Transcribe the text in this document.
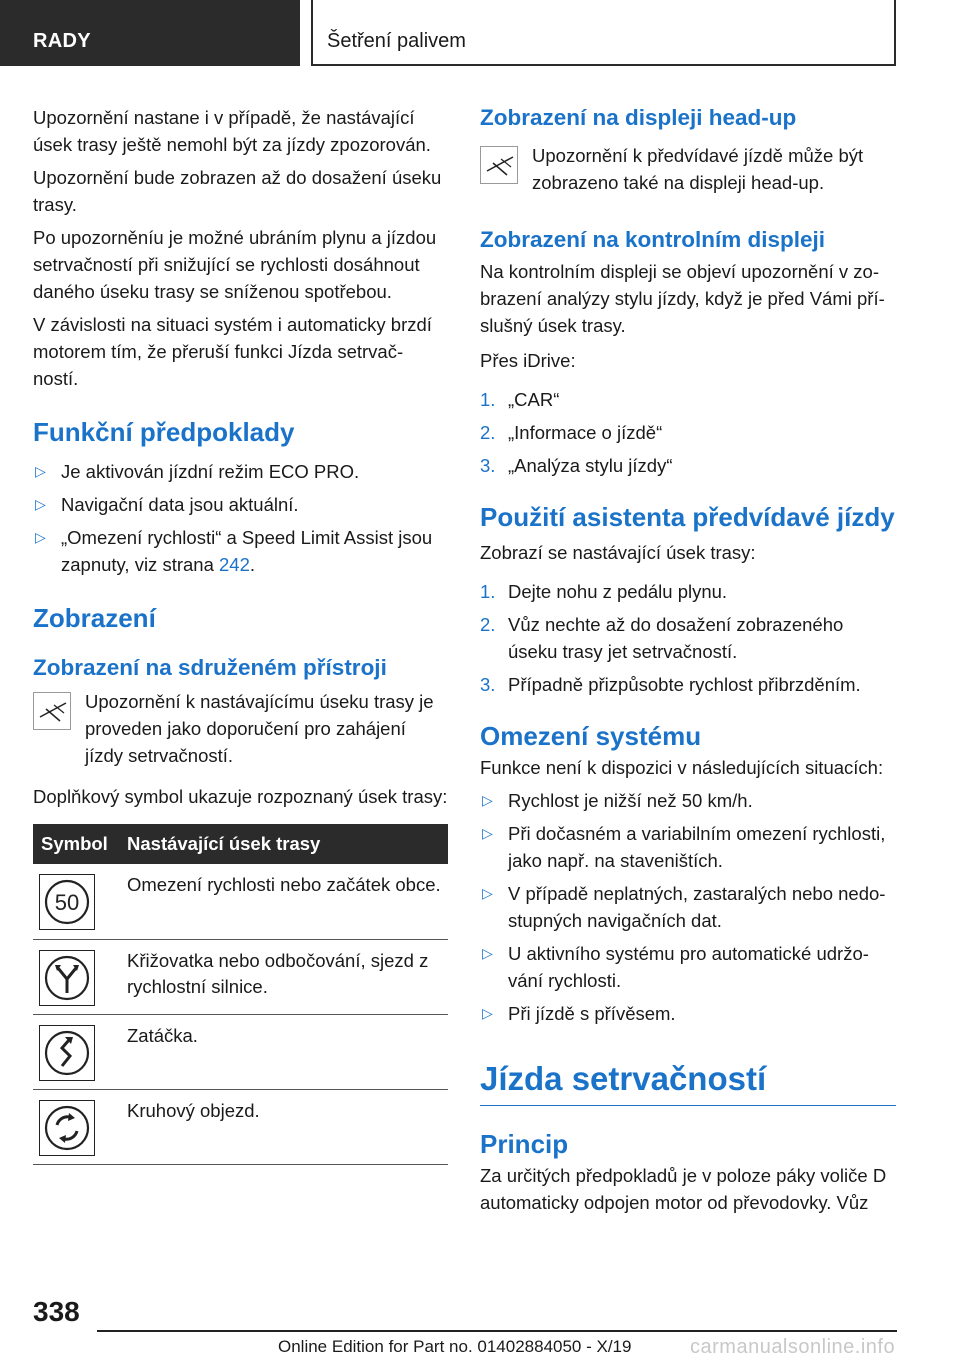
RADY	Šetření palivem

Upozornění nastane i v případě, že nastávající úsek trasy ještě nemohl být za jízdy zpozorován.

Upozornění bude zobrazen až do dosažení úseku trasy.

Po upozorněníu je možné ubráním plynu a jízdou setrvačností při snižující se rychlosti dosáhnout daného úseku trasy se sníženou spotřebou.

V závislosti na situaci systém i automaticky brzdí motorem tím, že přeruší funkci Jízda setrvač-ností.

Funkční předpoklady
▷ Je aktivován jízdní režim ECO PRO.
▷ Navigační data jsou aktuální.
▷ „Omezení rychlosti“ a Speed Limit Assist jsou zapnuty, viz strana 242.
Zobrazení
Zobrazení na sdruženém přístroji
Upozornění k nastávajícímu úseku trasy je proveden jako doporučení pro zahájení jízdy setrvačností.

Doplňkový symbol ukazuje rozpoznaný úsek trasy:

Symbol	Nastávající úsek trasy

50	Omezení rychlosti nebo začátek obce.

	Křižovatka nebo odbočování, sjezd z rychlostní silnice.

	Zatáčka.

	Kruhový objezd.
Zobrazení na displeji head-up
Upozornění k předvídavé jízdě může být zobrazeno také na displeji head-up.
Zobrazení na kontrolním displeji

Na kontrolním displeji se objeví upozornění v zo-brazení analýzy stylu jízdy, když je před Vámi pří-slušný úsek trasy.

Přes iDrive:

1. „CAR“
2. „Informace o jízdě“
3. „Analýza stylu jízdy“
Použití asistenta předvídavé jízdy

Zobrazí se nastávající úsek trasy:

1. Dejte nohu z pedálu plynu.
2. Vůz nechte až do dosažení zobrazeného úseku trasy jet setrvačností.
3. Případně přizpůsobte rychlost přibrzděním.
Omezení systému

Funkce není k dispozici v následujících situacích:

▷ Rychlost je nižší než 50 km/h.
▷ Při dočasném a variabilním omezení rychlosti, jako např. na staveništích.
▷ V případě neplatných, zastaralých nebo nedo-stupných navigačních dat.
▷ U aktivního systému pro automatické udržo-vání rychlosti.
▷ Při jízdě s přívěsem.
Jízda setrvačností
Princip

Za určitých předpokladů je v poloze páky voliče D automaticky odpojen motor od převodovky. Vůz

338
Online Edition for Part no. 01402884050 - X/19	carmanualsonline.info
